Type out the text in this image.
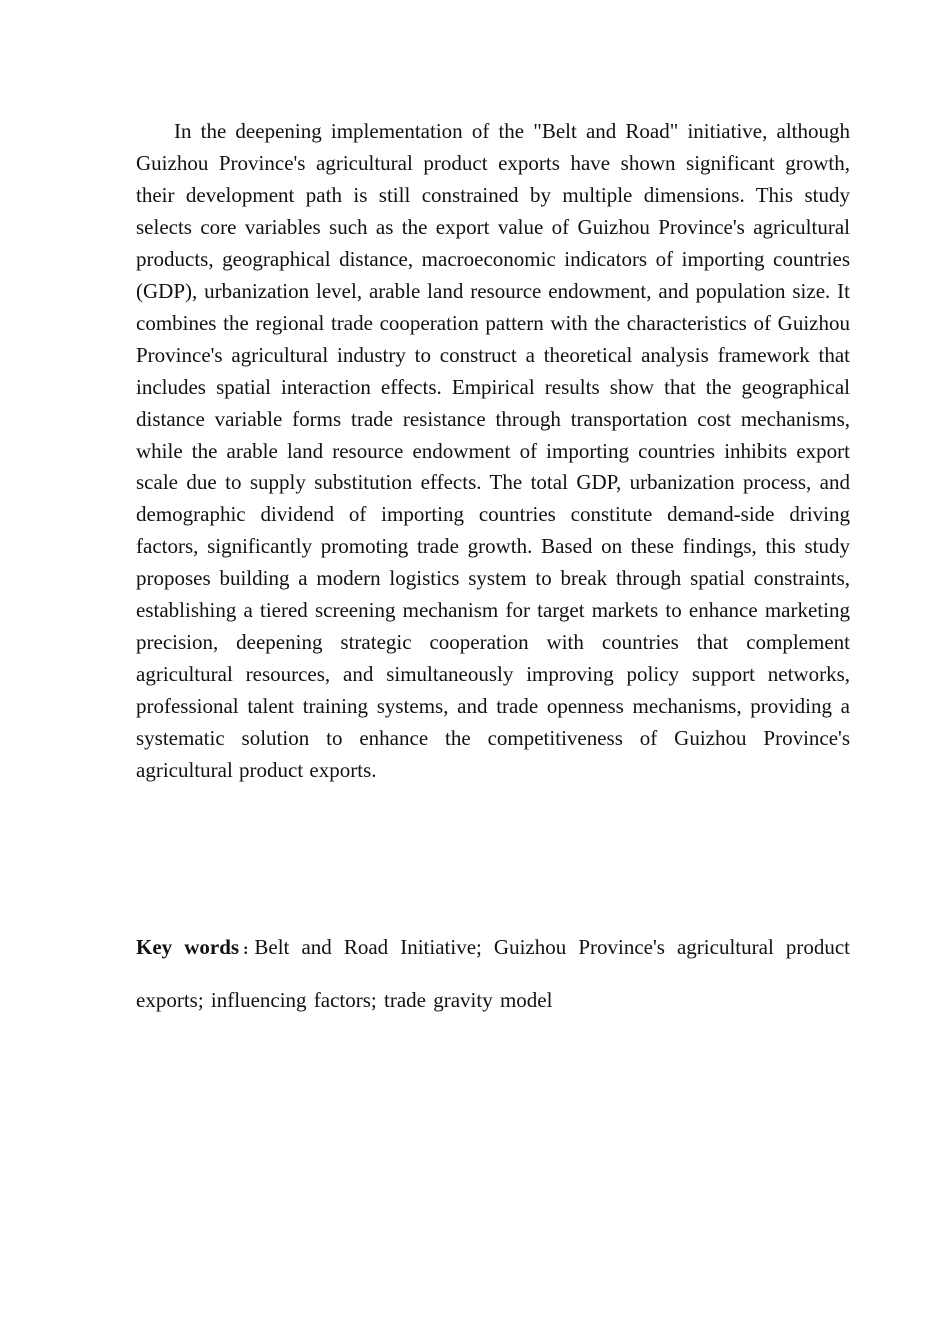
In the deepening implementation of the "Belt and Road" initiative, although Guizhou Province's agricultural product exports have shown significant growth, their development path is still constrained by multiple dimensions. This study selects core variables such as the export value of Guizhou Province's agricultural products, geographical distance, macroeconomic indicators of importing countries (GDP), urbanization level, arable land resource endowment, and population size. It combines the regional trade cooperation pattern with the characteristics of Guizhou Province's agricultural industry to construct a theoretical analysis framework that includes spatial interaction effects. Empirical results show that the geographical distance variable forms trade resistance through transportation cost mechanisms, while the arable land resource endowment of importing countries inhibits export scale due to supply substitution effects. The total GDP, urbanization process, and demographic dividend of importing countries constitute demand-side driving factors, significantly promoting trade growth. Based on these findings, this study proposes building a modern logistics system to break through spatial constraints, establishing a tiered screening mechanism for target markets to enhance marketing precision, deepening strategic cooperation with countries that complement agricultural resources, and simultaneously improving policy support networks, professional talent training systems, and trade openness mechanisms, providing a systematic solution to enhance the competitiveness of Guizhou Province's agricultural product exports.

Key words : Belt and Road Initiative; Guizhou Province's agricultural product exports; influencing factors; trade gravity model
